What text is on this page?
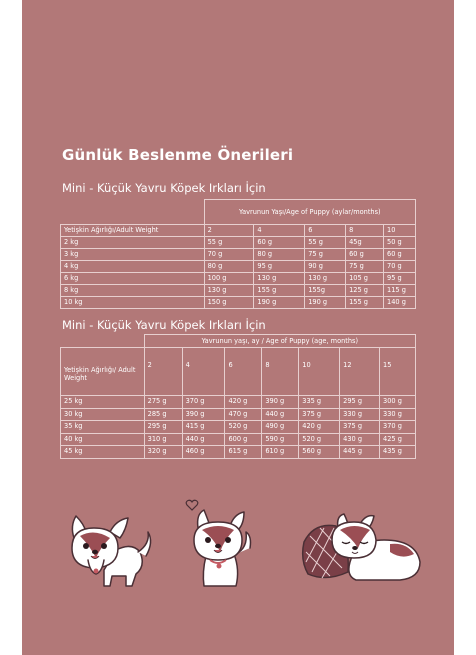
Günlük Beslenme Önerileri
Mini - Küçük Yavru Köpek Irkları İçin
	Yavrunun Yaşı/Age of Puppy (aylar/months)				
Yetişkin Ağırlığı/Adult Weight	2	4	6	8	10
2 kg	55 g	60 g	55 g	45g	50 g
3 kg	70 g	80 g	75 g	60 g	60 g
4 kg	80 g	95 g	90 g	75 g	70 g
6 kg	100 g	130 g	130 g	105 g	95 g
8 kg	130 g	155 g	155g	125 g	115 g
10 kg	150 g	190 g	190 g	155 g	140 g
Mini - Küçük Yavru Köpek Irkları İçin
	Yavrunun yaşı, ay / Age of Puppy (age, months)						
Yetişkin Ağırlığı/ Adult Weight	2	4	6	8	10	12	15
25 kg	275 g	370 g	420 g	390 g	335 g	295 g	300 g
30 kg	285 g	390 g	470 g	440 g	375 g	330 g	330 g
35 kg	295 g	415 g	520 g	490 g	420 g	375 g	370 g
40 kg	310 g	440 g	600 g	590 g	520 g	430 g	425 g
45 kg	320 g	460 g	615 g	610 g	560 g	445 g	435 g
